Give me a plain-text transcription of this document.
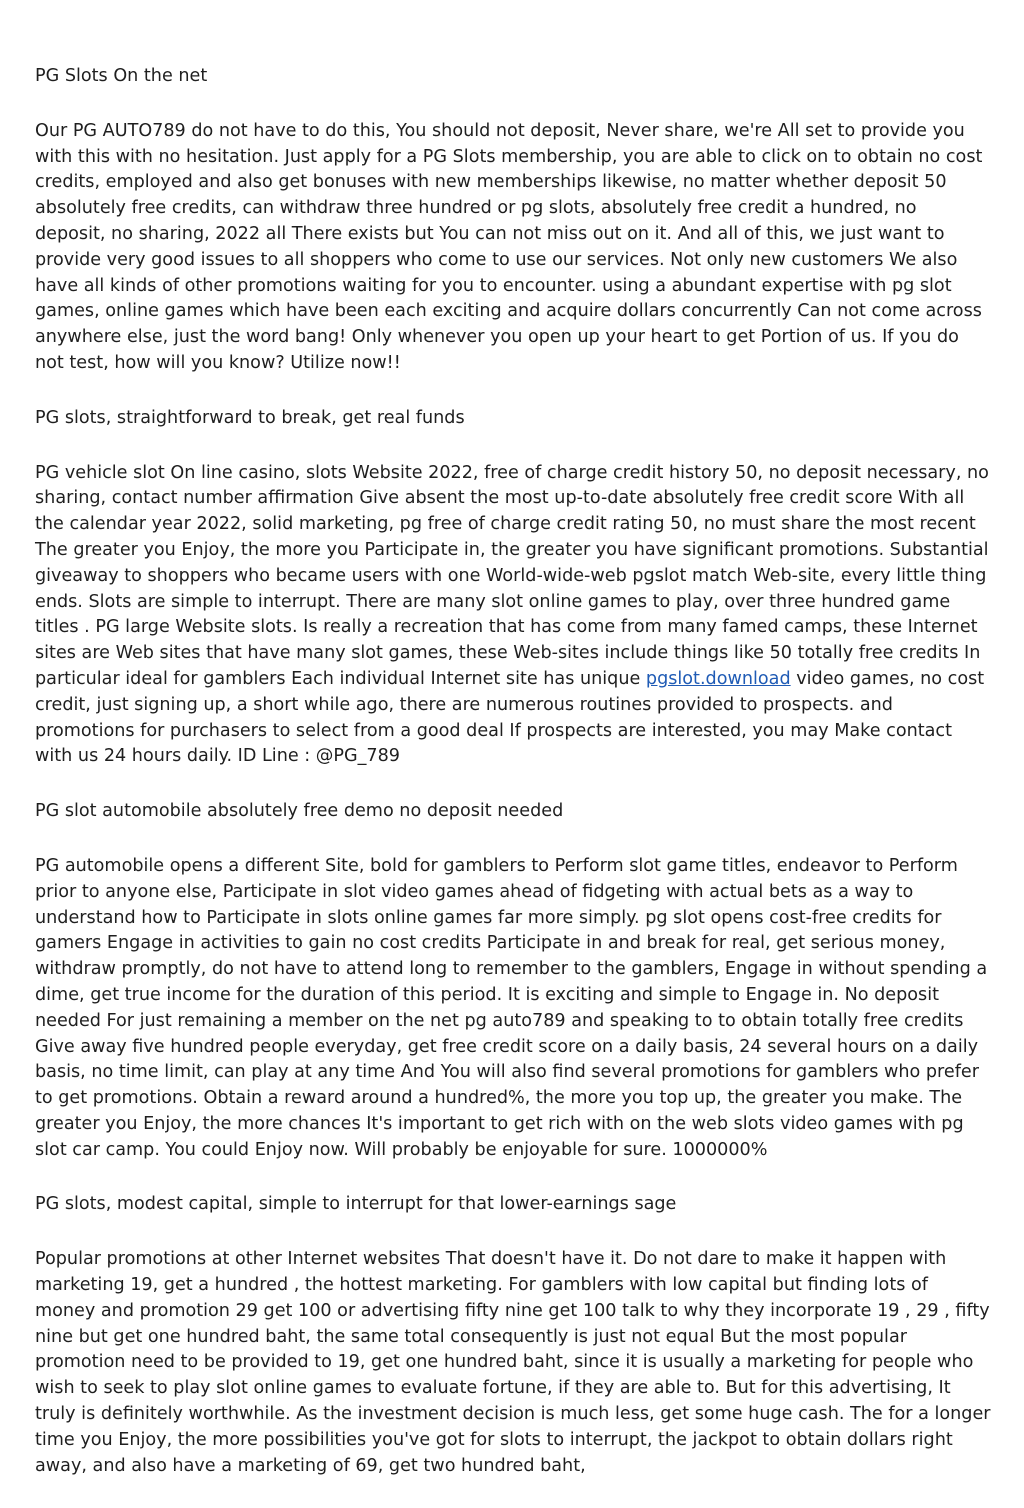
PG Slots On the net

Our PG AUTO789 do not have to do this, You should not deposit, Never share, we're All set to provide you with this with no hesitation. Just apply for a PG Slots membership, you are able to click on to obtain no cost credits, employed and also get bonuses with new memberships likewise, no matter whether deposit 50 absolutely free credits, can withdraw three hundred or pg slots, absolutely free credit a hundred, no deposit, no sharing, 2022 all There exists but You can not miss out on it. And all of this, we just want to provide very good issues to all shoppers who come to use our services. Not only new customers We also have all kinds of other promotions waiting for you to encounter. using a abundant expertise with pg slot games, online games which have been each exciting and acquire dollars concurrently Can not come across anywhere else, just the word bang! Only whenever you open up your heart to get Portion of us. If you do not test, how will you know? Utilize now!!

PG slots, straightforward to break, get real funds

PG vehicle slot On line casino, slots Website 2022, free of charge credit history 50, no deposit necessary, no sharing, contact number affirmation Give absent the most up-to-date absolutely free credit score With all the calendar year 2022, solid marketing, pg free of charge credit rating 50, no must share the most recent The greater you Enjoy, the more you Participate in, the greater you have significant promotions. Substantial giveaway to shoppers who became users with one World-wide-web pgslot match Web-site, every little thing ends. Slots are simple to interrupt. There are many slot online games to play, over three hundred game titles . PG large Website slots. Is really a recreation that has come from many famed camps, these Internet sites are Web sites that have many slot games, these Web-sites include things like 50 totally free credits In particular ideal for gamblers Each individual Internet site has unique pgslot.download video games, no cost credit, just signing up, a short while ago, there are numerous routines provided to prospects. and promotions for purchasers to select from a good deal If prospects are interested, you may Make contact with us 24 hours daily. ID Line : @PG_789

PG slot automobile absolutely free demo no deposit needed

PG automobile opens a different Site, bold for gamblers to Perform slot game titles, endeavor to Perform prior to anyone else, Participate in slot video games ahead of fidgeting with actual bets as a way to understand how to Participate in slots online games far more simply. pg slot opens cost-free credits for gamers Engage in activities to gain no cost credits Participate in and break for real, get serious money, withdraw promptly, do not have to attend long to remember to the gamblers, Engage in without spending a dime, get true income for the duration of this period. It is exciting and simple to Engage in. No deposit needed For just remaining a member on the net pg auto789 and speaking to to obtain totally free credits Give away five hundred people everyday, get free credit score on a daily basis, 24 several hours on a daily basis, no time limit, can play at any time And You will also find several promotions for gamblers who prefer to get promotions. Obtain a reward around a hundred%, the more you top up, the greater you make. The greater you Enjoy, the more chances It's important to get rich with on the web slots video games with pg slot car camp. You could Enjoy now. Will probably be enjoyable for sure. 1000000%

PG slots, modest capital, simple to interrupt for that lower-earnings sage

Popular promotions at other Internet websites That doesn't have it. Do not dare to make it happen with marketing 19, get a hundred , the hottest marketing. For gamblers with low capital but finding lots of money and promotion 29 get 100 or advertising fifty nine get 100 talk to why they incorporate 19 , 29 , fifty nine but get one hundred baht, the same total consequently is just not equal But the most popular promotion need to be provided to 19, get one hundred baht, since it is usually a marketing for people who wish to seek to play slot online games to evaluate fortune, if they are able to. But for this advertising, It truly is definitely worthwhile. As the investment decision is much less, get some huge cash. The for a longer time you Enjoy, the more possibilities you've got for slots to interrupt, the jackpot to obtain dollars right away, and also have a marketing of 69, get two hundred baht,
